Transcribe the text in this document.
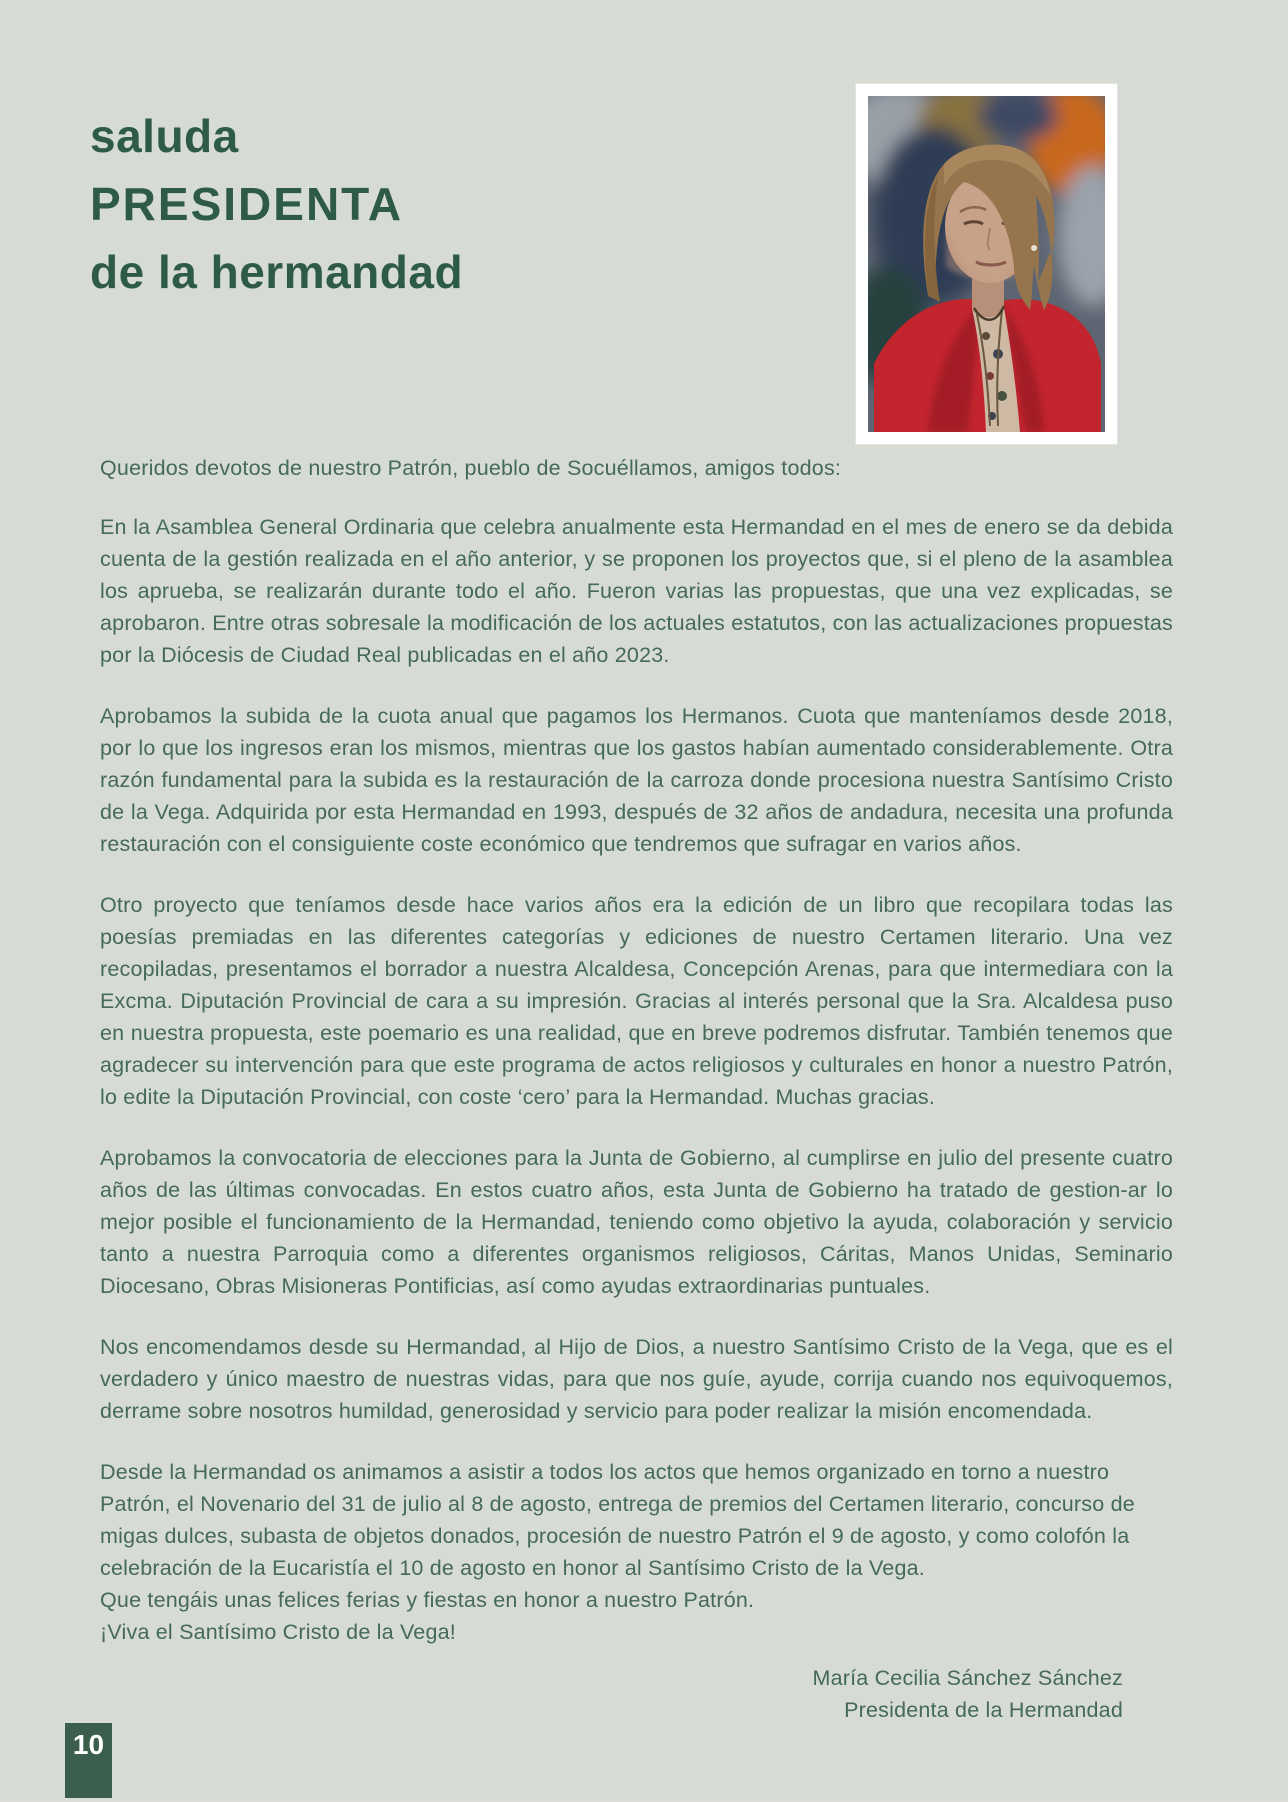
saluda
PRESIDENTA
de la hermandad

Queridos devotos de nuestro Patrón, pueblo de Socuéllamos, amigos todos:

En la Asamblea General Ordinaria que celebra anualmente esta Hermandad en el mes de enero se da debida cuenta de la gestión realizada en el año anterior, y se proponen los proyectos que, si el pleno de la asamblea los aprueba, se realizarán durante todo el año. Fueron varias las propuestas, que una vez explicadas, se aprobaron. Entre otras sobresale la modificación de los actuales estatutos, con las actualizaciones propuestas por la Diócesis de Ciudad Real publicadas en el año 2023.

Aprobamos la subida de la cuota anual que pagamos los Hermanos. Cuota que manteníamos desde 2018, por lo que los ingresos eran los mismos, mientras que los gastos habían aumentado considerablemente. Otra razón fundamental para la subida es la restauración de la carroza donde procesiona nuestra Santísimo Cristo de la Vega. Adquirida por esta Hermandad en 1993, después de 32 años de andadura, necesita una profunda restauración con el consiguiente coste económico que tendremos que sufragar en varios años.

Otro proyecto que teníamos desde hace varios años era la edición de un libro que recopilara todas las poesías premiadas en las diferentes categorías y ediciones de nuestro Certamen literario. Una vez recopiladas, presentamos el borrador a nuestra Alcaldesa, Concepción Arenas, para que intermediara con la Excma. Diputación Provincial de cara a su impresión. Gracias al interés personal que la Sra. Alcaldesa puso en nuestra propuesta, este poemario es una realidad, que en breve podremos disfrutar. También tenemos que agradecer su intervención para que este programa de actos religiosos y culturales en honor a nuestro Patrón, lo edite la Diputación Provincial, con coste ‘cero’ para la Hermandad. Muchas gracias.

Aprobamos la convocatoria de elecciones para la Junta de Gobierno, al cumplirse en julio del presente cuatro años de las últimas convocadas. En estos cuatro años, esta Junta de Gobierno ha tratado de gestion-ar lo mejor posible el funcionamiento de la Hermandad, teniendo como objetivo la ayuda, colaboración y servicio tanto a nuestra Parroquia como a diferentes organismos religiosos, Cáritas, Manos Unidas, Seminario Diocesano, Obras Misioneras Pontificias, así como ayudas extraordinarias puntuales.

Nos encomendamos desde su Hermandad, al Hijo de Dios, a nuestro Santísimo Cristo de la Vega, que es el verdadero y único maestro de nuestras vidas, para que nos guíe, ayude, corrija cuando nos equivoquemos, derrame sobre nosotros humildad, generosidad y servicio para poder realizar la misión encomendada.

Desde la Hermandad os animamos a asistir a todos los actos que hemos organizado en torno a nuestro Patrón, el Novenario del 31 de julio al 8 de agosto, entrega de premios del Certamen literario, concurso de migas dulces, subasta de objetos donados, procesión de nuestro Patrón el 9 de agosto, y como colofón la celebración de la Eucaristía el 10 de agosto en honor al Santísimo Cristo de la Vega.

Que tengáis unas felices ferias y fiestas en honor a nuestro Patrón.

¡Viva el Santísimo Cristo de la Vega!

María Cecilia Sánchez Sánchez
Presidenta de la Hermandad
10
